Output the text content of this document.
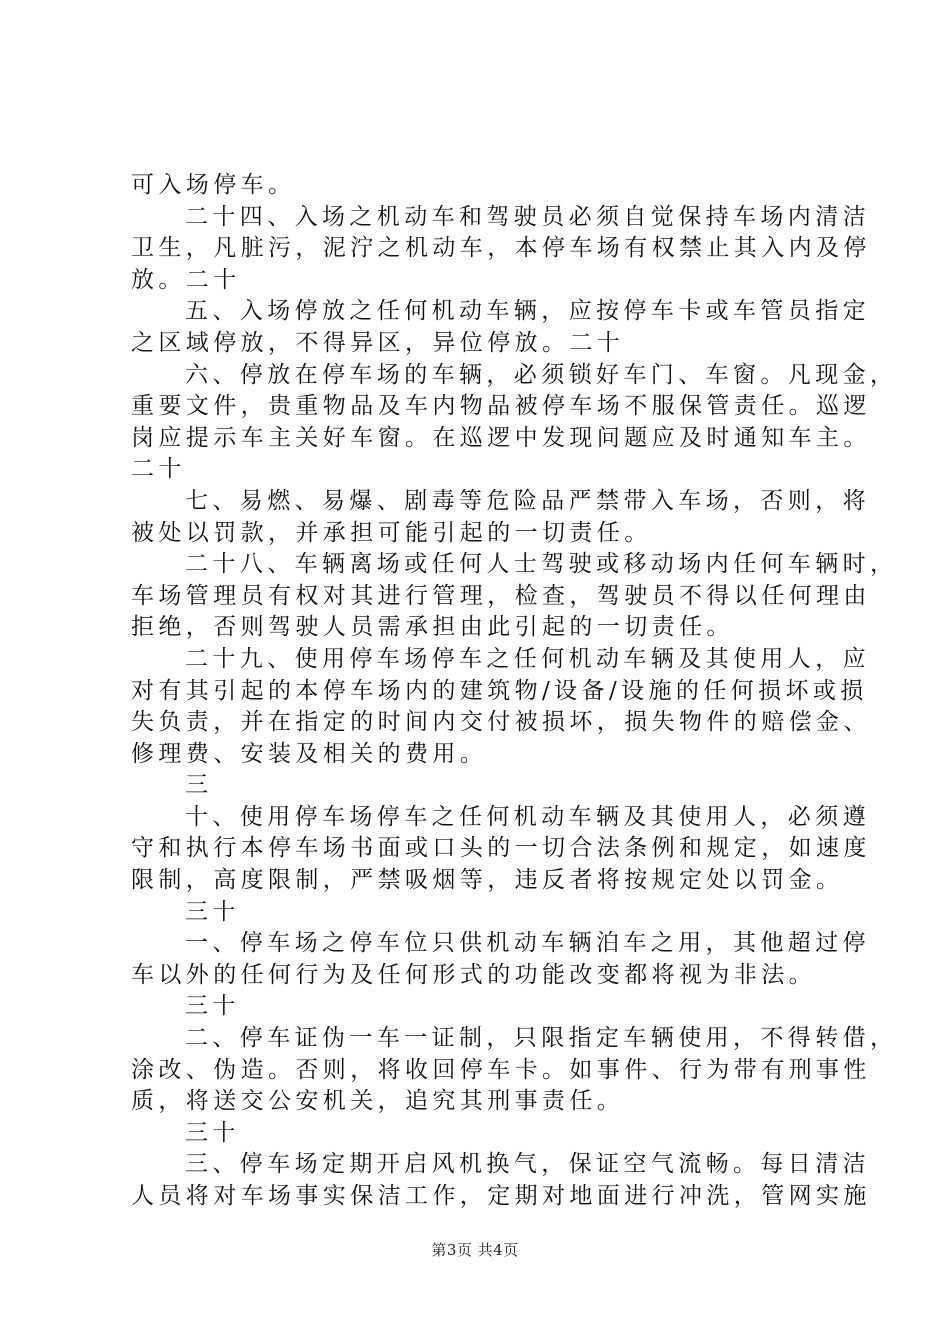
可入场停车。
二十四、入场之机动车和驾驶员必须自觉保持车场内清洁
卫生，凡脏污，泥泞之机动车，本停车场有权禁止其入内及停
放。二十
五、入场停放之任何机动车辆，应按停车卡或车管员指定
之区域停放，不得异区，异位停放。二十
六、停放在停车场的车辆，必须锁好车门、车窗。凡现金，
重要文件，贵重物品及车内物品被停车场不服保管责任。巡逻
岗应提示车主关好车窗。在巡逻中发现问题应及时通知车主。
二十
七、易燃、易爆、剧毒等危险品严禁带入车场，否则，将
被处以罚款，并承担可能引起的一切责任。
二十八、车辆离场或任何人士驾驶或移动场内任何车辆时，
车场管理员有权对其进行管理，检查，驾驶员不得以任何理由
拒绝，否则驾驶人员需承担由此引起的一切责任。
二十九、使用停车场停车之任何机动车辆及其使用人，应
对有其引起的本停车场内的建筑物/设备/设施的任何损坏或损
失负责，并在指定的时间内交付被损坏，损失物件的赔偿金、
修理费、安装及相关的费用。
三
十、使用停车场停车之任何机动车辆及其使用人，必须遵
守和执行本停车场书面或口头的一切合法条例和规定，如速度
限制，高度限制，严禁吸烟等，违反者将按规定处以罚金。
三十
一、停车场之停车位只供机动车辆泊车之用，其他超过停
车以外的任何行为及任何形式的功能改变都将视为非法。
三十
二、停车证伪一车一证制，只限指定车辆使用，不得转借，
涂改、伪造。否则，将收回停车卡。如事件、行为带有刑事性
质，将送交公安机关，追究其刑事责任。
三十
三、停车场定期开启风机换气，保证空气流畅。每日清洁
人员将对车场事实保洁工作，定期对地面进行冲洗，管网实施
第3页 共4页
